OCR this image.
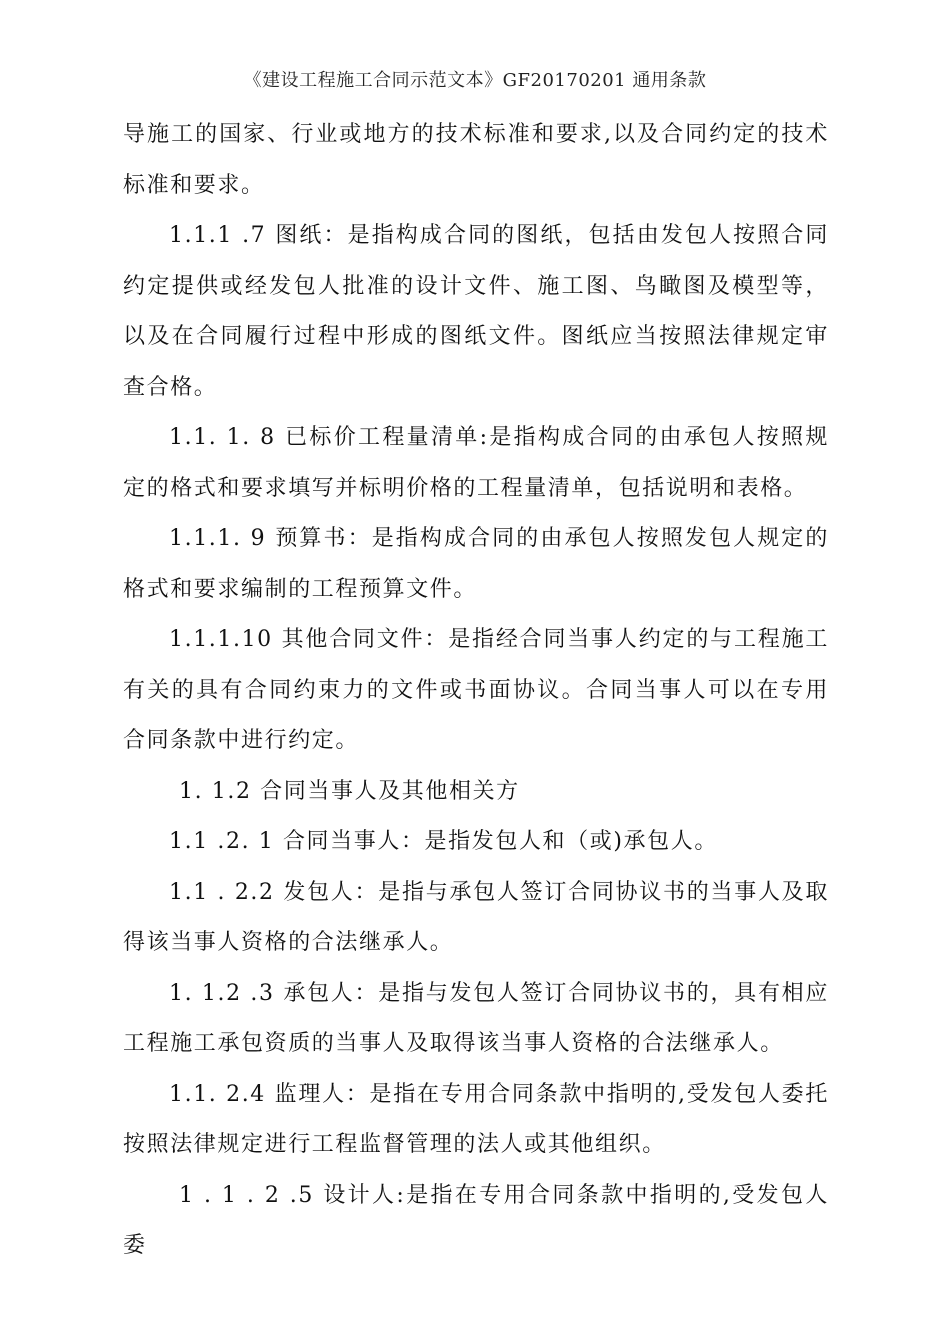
《建设工程施工合同示范文本》GF20170201 通用条款

导施工的国家、行业或地方的技术标准和要求,以及合同约定的技术标准和要求。

1.1.1 .7 图纸：是指构成合同的图纸，包括由发包人按照合同约定提供或经发包人批准的设计文件、施工图、鸟瞰图及模型等，以及在合同履行过程中形成的图纸文件。图纸应当按照法律规定审查合格。

1.1. 1. 8 已标价工程量清单:是指构成合同的由承包人按照规定的格式和要求填写并标明价格的工程量清单，包括说明和表格。

1.1.1. 9 预算书：是指构成合同的由承包人按照发包人规定的格式和要求编制的工程预算文件。

1.1.1.10 其他合同文件：是指经合同当事人约定的与工程施工有关的具有合同约束力的文件或书面协议。合同当事人可以在专用合同条款中进行约定。

1. 1.2 合同当事人及其他相关方

1.1 .2. 1 合同当事人：是指发包人和（或)承包人。

1.1 . 2.2 发包人：是指与承包人签订合同协议书的当事人及取得该当事人资格的合法继承人。

1. 1.2 .3 承包人：是指与发包人签订合同协议书的，具有相应工程施工承包资质的当事人及取得该当事人资格的合法继承人。

1.1. 2.4 监理人：是指在专用合同条款中指明的,受发包人委托按照法律规定进行工程监督管理的法人或其他组织。

1 . 1 . 2 .5 设计人:是指在专用合同条款中指明的,受发包人委
